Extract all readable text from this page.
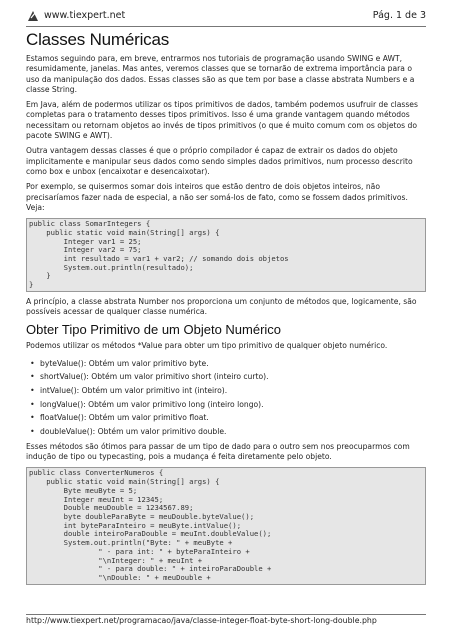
www.tiexpert.net	Pág. 1 de 3
Classes Numéricas

Estamos seguindo para, em breve, entrarmos nos tutoriais de programação usando SWING e AWT, resumidamente, janelas. Mas antes, veremos classes que se tornarão de extrema importância para o uso da manipulação dos dados. Essas classes são as que tem por base a classe abstrata Numbers e a classe String.

Em Java, além de podermos utilizar os tipos primitivos de dados, também podemos usufruir de classes completas para o tratamento desses tipos primitivos. Isso é uma grande vantagem quando métodos necessitam ou retornam objetos ao invés de tipos primitivos (o que é muito comum com os objetos do pacote SWING e AWT).

Outra vantagem dessas classes é que o próprio compilador é capaz de extrair os dados do objeto implicitamente e manipular seus dados como sendo simples dados primitivos, num processo descrito como box e unbox (encaixotar e desencaixotar).

Por exemplo, se quisermos somar dois inteiros que estão dentro de dois objetos inteiros, não precisaríamos fazer nada de especial, a não ser somá-los de fato, como se fossem dados primitivos. Veja:

public class SomarIntegers {
public static void main(String[] args) {
Integer var1 = 25;
Integer var2 = 75;
int resultado = var1 + var2; // somando dois objetos
System.out.println(resultado);
}
}

A princípio, a classe abstrata Number nos proporciona um conjunto de métodos que, logicamente, são possíveis acessar de qualquer classe numérica.

Obter Tipo Primitivo de um Objeto Numérico

Podemos utilizar os métodos *Value para obter um tipo primitivo de qualquer objeto numérico.

• byteValue(): Obtém um valor primitivo byte.
• shortValue(): Obtém um valor primitivo short (inteiro curto).
• intValue(): Obtém um valor primitivo int (inteiro).
• longValue(): Obtém um valor primitivo long (inteiro longo).
• floatValue(): Obtém um valor primitivo float.
• doubleValue(): Obtém um valor primitivo double.

Esses métodos são ótimos para passar de um tipo de dado para o outro sem nos preocuparmos com indução de tipo ou typecasting, pois a mudança é feita diretamente pelo objeto.

public class ConverterNumeros {
public static void main(String[] args) {
Byte meuByte = 5;
Integer meuInt = 12345;
Double meuDouble = 1234567.89;
byte doubleParaByte = meuDouble.byteValue();
int byteParaInteiro = meuByte.intValue();
double inteiroParaDouble = meuInt.doubleValue();
System.out.println("Byte: " + meuByte +
" - para int: " + byteParaInteiro +
"\nInteger: " + meuInt +
" - para double: " + inteiroParaDouble +
"\nDouble: " + meuDouble +
http://www.tiexpert.net/programacao/java/classe-integer-float-byte-short-long-double.php
